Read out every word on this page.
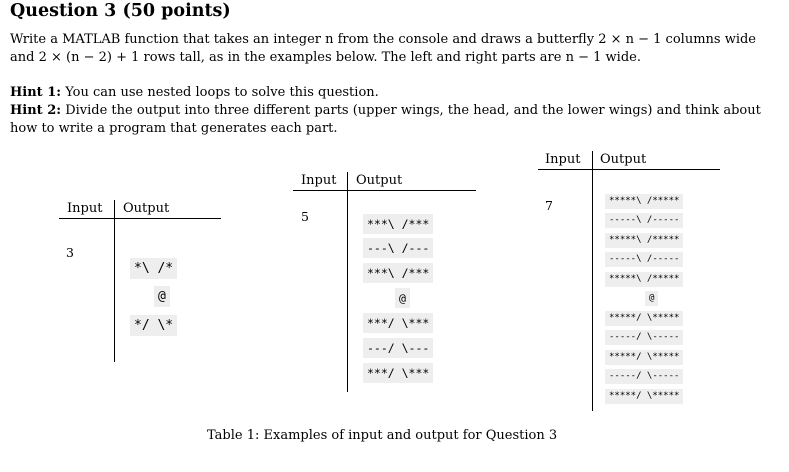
Question 3 (50 points)
Write a MATLAB function that takes an integer n from the console and draws a butterfly 2 × n − 1 columns wide
and 2 × (n − 2) + 1 rows tall, as in the examples below. The left and right parts are n − 1 wide.
Hint 1: You can use nested loops to solve this question.
Hint 2: Divide the output into three different parts (upper wings, the head, and the lower wings) and think about
how to write a program that generates each part.
Input Output
3
*\ /*
@
*/ \*
Input Output
5	***\ /***
---\ /---
***\ /***
@
***/ \***
---/ \---
***/ \***
Input Output
7	*****\ /*****
-----\ /-----
*****\ /*****
-----\ /-----
*****\ /*****
@
*****/ \*****
-----/ \-----
*****/ \*****
-----/ \-----
*****/ \*****
Table 1: Examples of input and output for Question 3
